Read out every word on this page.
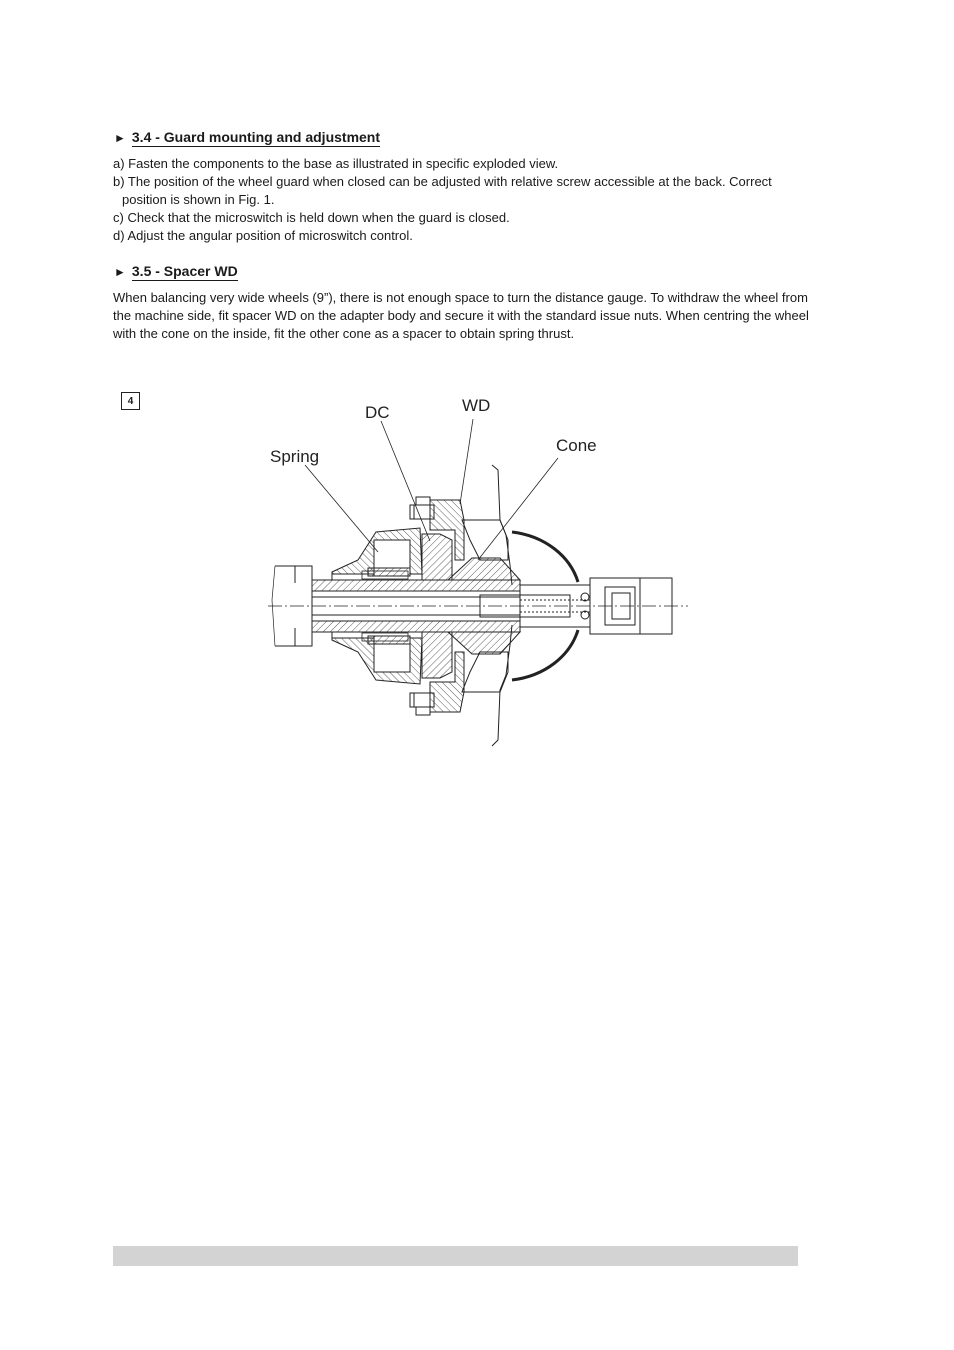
► 3.4 - Guard mounting and adjustment

a) Fasten the components to the base as illustrated in specific exploded view.

b) The position of the wheel guard when closed can be adjusted with relative screw accessible at the back. Correct

position is shown in Fig. 1.

c) Check that the microswitch is held down when the guard is closed.

d) Adjust the angular position of microswitch control.

► 3.5 - Spacer WD

When balancing very wide wheels (9”), there is not enough space to turn the distance gauge. To withdraw the wheel from the machine side, fit spacer WD on the adapter body and secure it with the standard issue nuts. When centring the wheel with the cone on the inside, fit the other cone as a spacer to obtain spring thrust.

4
DC	WD
Cone
Spring
